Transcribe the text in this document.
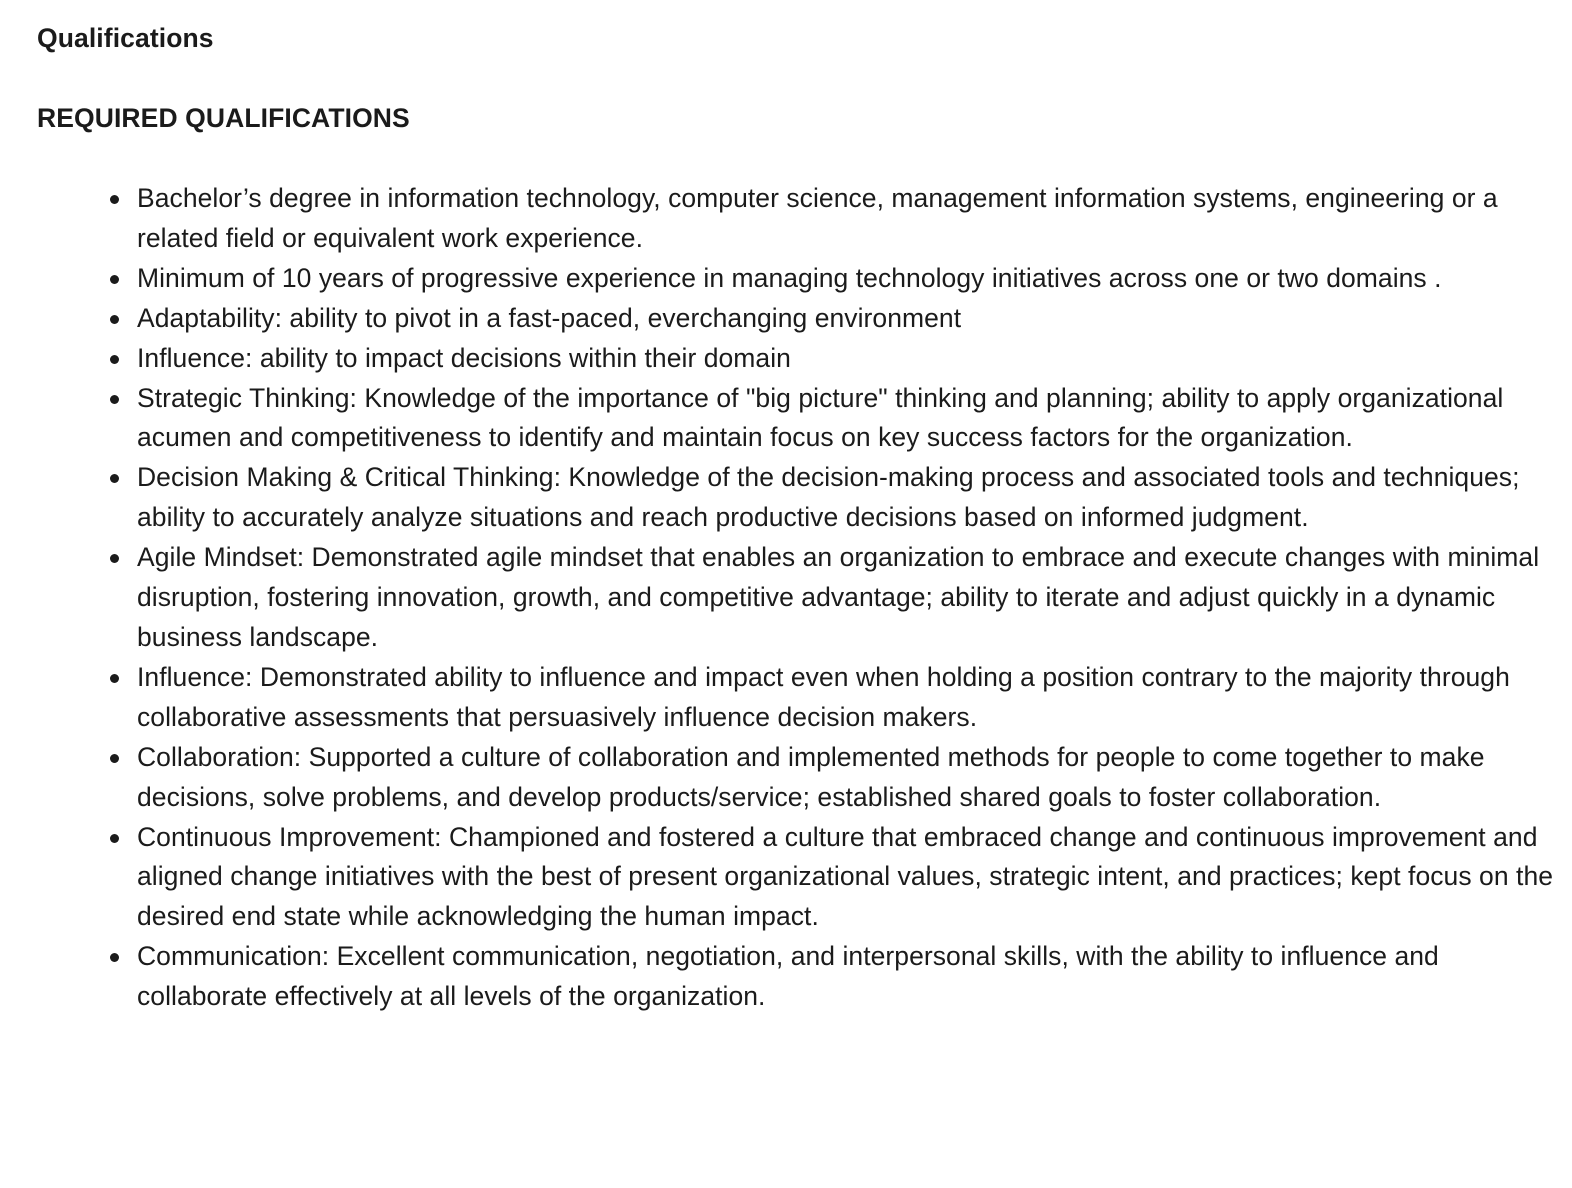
Qualifications
REQUIRED QUALIFICATIONS
Bachelor’s degree in information technology, computer science, management information systems, engineering or a related field or equivalent work experience.
Minimum of 10 years of progressive experience in managing technology initiatives across one or two domains .
Adaptability: ability to pivot in a fast-paced, everchanging environment
Influence: ability to impact decisions within their domain
Strategic Thinking: Knowledge of the importance of "big picture" thinking and planning; ability to apply organizational acumen and competitiveness to identify and maintain focus on key success factors for the organization.
Decision Making & Critical Thinking: Knowledge of the decision-making process and associated tools and techniques; ability to accurately analyze situations and reach productive decisions based on informed judgment.
Agile Mindset: Demonstrated agile mindset that enables an organization to embrace and execute changes with minimal disruption, fostering innovation, growth, and competitive advantage; ability to iterate and adjust quickly in a dynamic business landscape.
Influence: Demonstrated ability to influence and impact even when holding a position contrary to the majority through collaborative assessments that persuasively influence decision makers.
Collaboration: Supported a culture of collaboration and implemented methods for people to come together to make decisions, solve problems, and develop products/service; established shared goals to foster collaboration.
Continuous Improvement: Championed and fostered a culture that embraced change and continuous improvement and aligned change initiatives with the best of present organizational values, strategic intent, and practices; kept focus on the desired end state while acknowledging the human impact.
Communication: Excellent communication, negotiation, and interpersonal skills, with the ability to influence and collaborate effectively at all levels of the organization.
